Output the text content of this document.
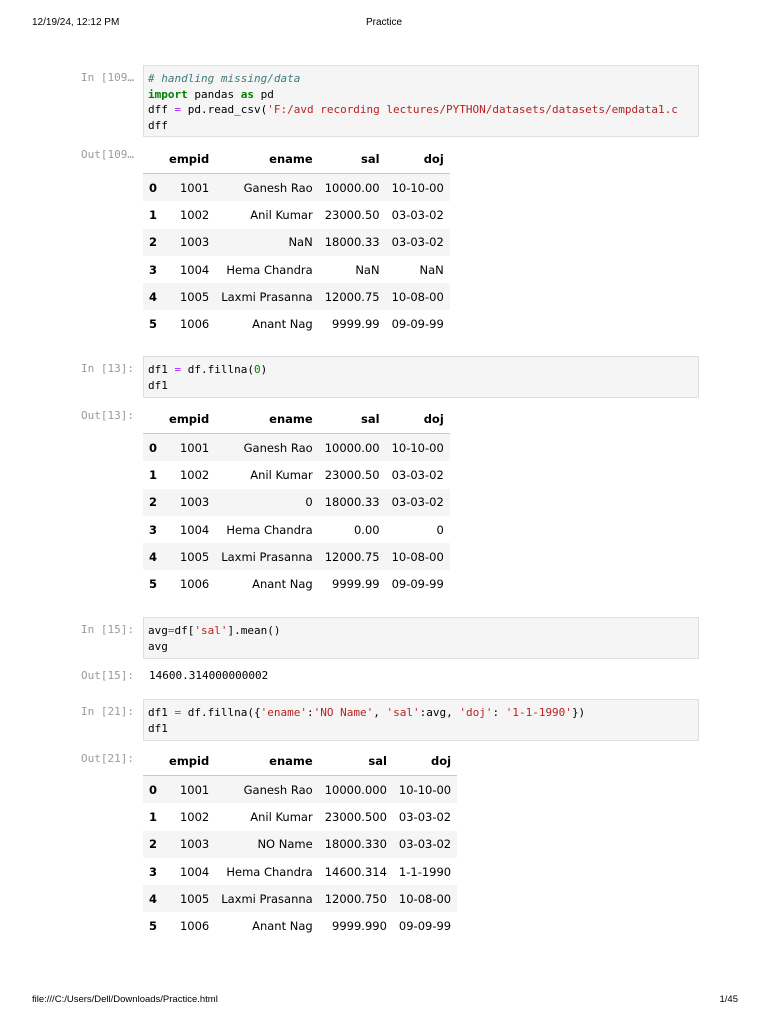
12/19/24, 12:12 PM	Practice
In [109… # handling missing/data
import pandas as pd
dff = pd.read_csv('F:/avd recording lectures/PYTHON/datasets/datasets/empdata1.c
dff
Out[109…
		empid	ename	sal	doj
0	1001	Ganesh Rao	10000.00	10-10-00
1	1002	Anil Kumar	23000.50	03-03-02
2	1003	NaN	18000.33	03-03-02
3	1004	Hema Chandra	NaN	NaN
4	1005	Laxmi Prasanna	12000.75	10-08-00
5	1006	Anant Nag	9999.99	09-09-99
In [13]: df1 = df.fillna(0)
df1
Out[13]:
		empid	ename	sal	doj
0	1001	Ganesh Rao	10000.00	10-10-00
1	1002	Anil Kumar	23000.50	03-03-02
2	1003	0	18000.33	03-03-02
3	1004	Hema Chandra	0.00	0
4	1005	Laxmi Prasanna	12000.75	10-08-00
5	1006	Anant Nag	9999.99	09-09-99
In [15]: avg=df['sal'].mean()
avg
Out[15]: 14600.314000000002
In [21]: df1 = df.fillna({'ename':'NO Name', 'sal':avg, 'doj': '1-1-1990'})
df1
Out[21]:
		empid	ename	sal	doj
0	1001	Ganesh Rao	10000.000	10-10-00
1	1002	Anil Kumar	23000.500	03-03-02
2	1003	NO Name	18000.330	03-03-02
3	1004	Hema Chandra	14600.314	1-1-1990
4	1005	Laxmi Prasanna	12000.750	10-08-00
5	1006	Anant Nag	9999.990	09-09-99
file:///C:/Users/Dell/Downloads/Practice.html	1/45
